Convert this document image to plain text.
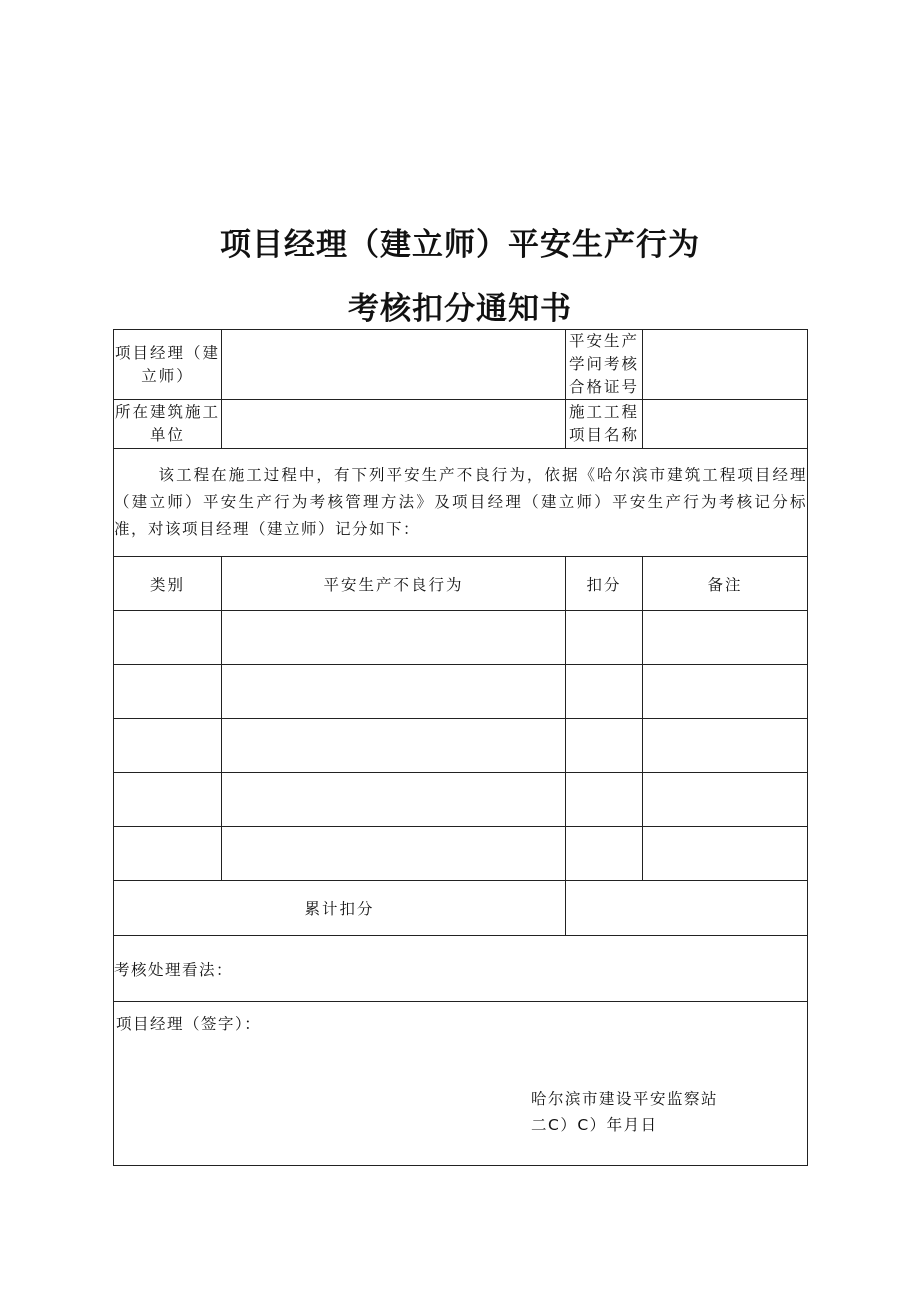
项目经理（建立师）平安生产行为
考核扣分通知书
项目经理（建立师）		平安生产学问考核合格证号	
所在建筑施工单位		施工工程项目名称	
该工程在施工过程中，有下列平安生产不良行为，依据《哈尔滨市建筑工程项目经理（建立师）平安生产行为考核管理方法》及项目经理（建立师）平安生产行为考核记分标准，对该项目经理（建立师）记分如下：			
类别	平安生产不良行为	扣分	备注

累计扣分			
考核处理看法：			

项目经理（签字）：
哈尔滨市建设平安监察站
二C）C）年月日			
